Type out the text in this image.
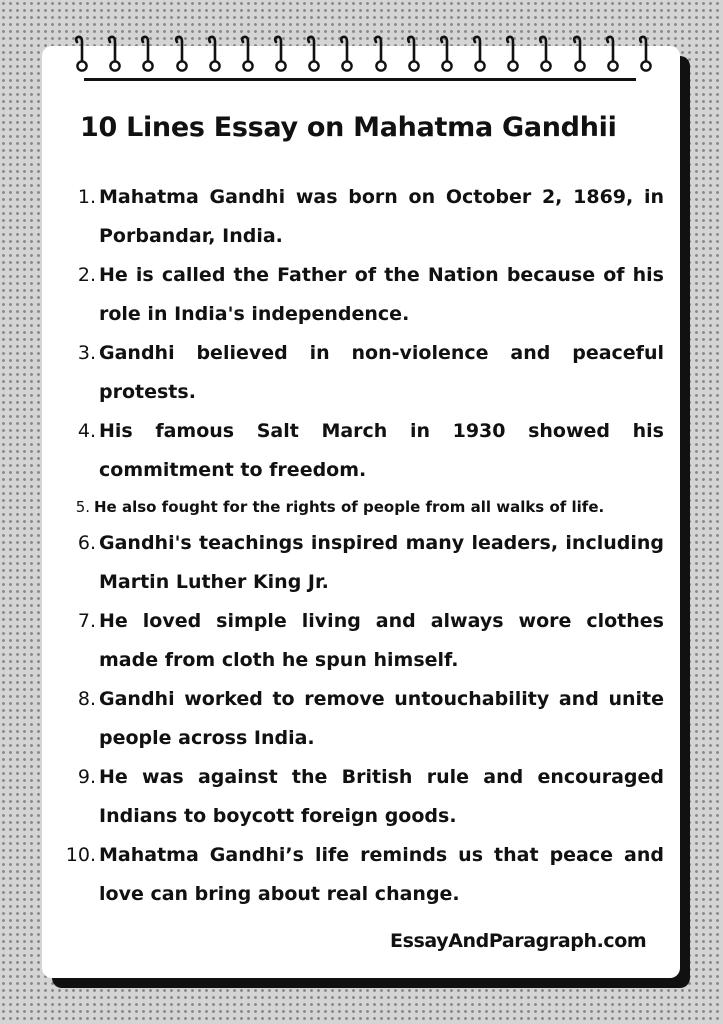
10 Lines Essay on Mahatma Gandhii
1. Mahatma Gandhi was born on October 2, 1869, in Porbandar, India.
2. He is called the Father of the Nation because of his role in India's independence.
3. Gandhi believed in non-violence and peaceful protests.
4. His famous Salt March in 1930 showed his commitment to freedom.
5. He also fought for the rights of people from all walks of life.
6. Gandhi's teachings inspired many leaders, including Martin Luther King Jr.
7. He loved simple living and always wore clothes made from cloth he spun himself.
8. Gandhi worked to remove untouchability and unite people across India.
9. He was against the British rule and encouraged Indians to boycott foreign goods.
10. Mahatma Gandhi’s life reminds us that peace and love can bring about real change.

EssayAndParagraph.com
